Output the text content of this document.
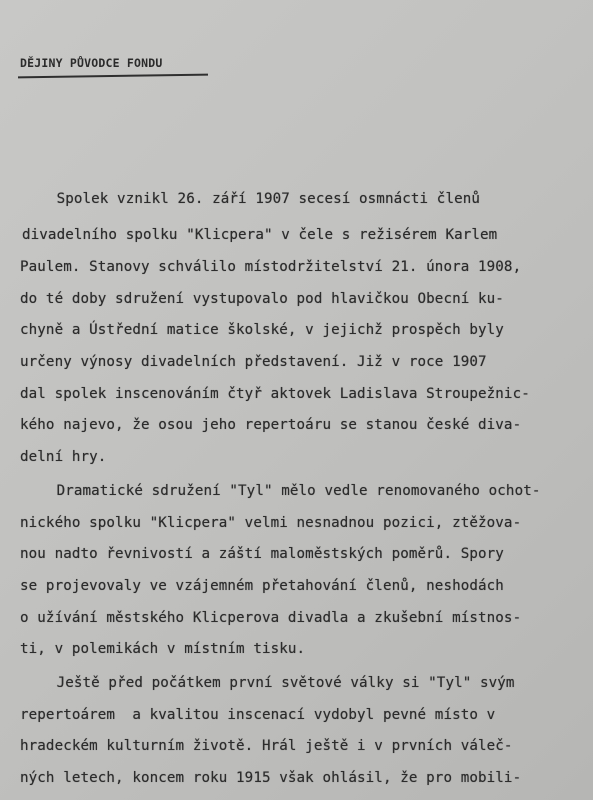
DĚJINY PŮVODCE FONDU
Spolek vznikl 26. září 1907 secesí osmnácti členů
divadelního spolku "Klicpera" v čele s režisérem Karlem
Paulem. Stanovy schválilo místodržitelství 21. února 1908,
do té doby sdružení vystupovalo pod hlavičkou Obecní ku-
chyně a Ústřední matice školské, v jejichž prospěch byly
určeny výnosy divadelních představení. Již v roce 1907
dal spolek inscenováním čtyř aktovek Ladislava Stroupežnic-
kého najevo, že osou jeho repertoáru se stanou české diva-
delní hry.
Dramatické sdružení "Tyl" mělo vedle renomovaného ochot-
nického spolku "Klicpera" velmi nesnadnou pozici, ztěžova-
nou nadto řevnivostí a záští maloměstských poměrů. Spory
se projevovaly ve vzájemném přetahování členů, neshodách
o užívání městského Klicperova divadla a zkušební místnos-
ti, v polemikách v místním tisku.
Ještě před počátkem první světové války si "Tyl" svým
repertoárem  a kvalitou inscenací vydobyl pevné místo v
hradeckém kulturním životě. Hrál ještě i v prvních váleč-
ných letech, koncem roku 1915 však ohlásil, že pro mobili-
